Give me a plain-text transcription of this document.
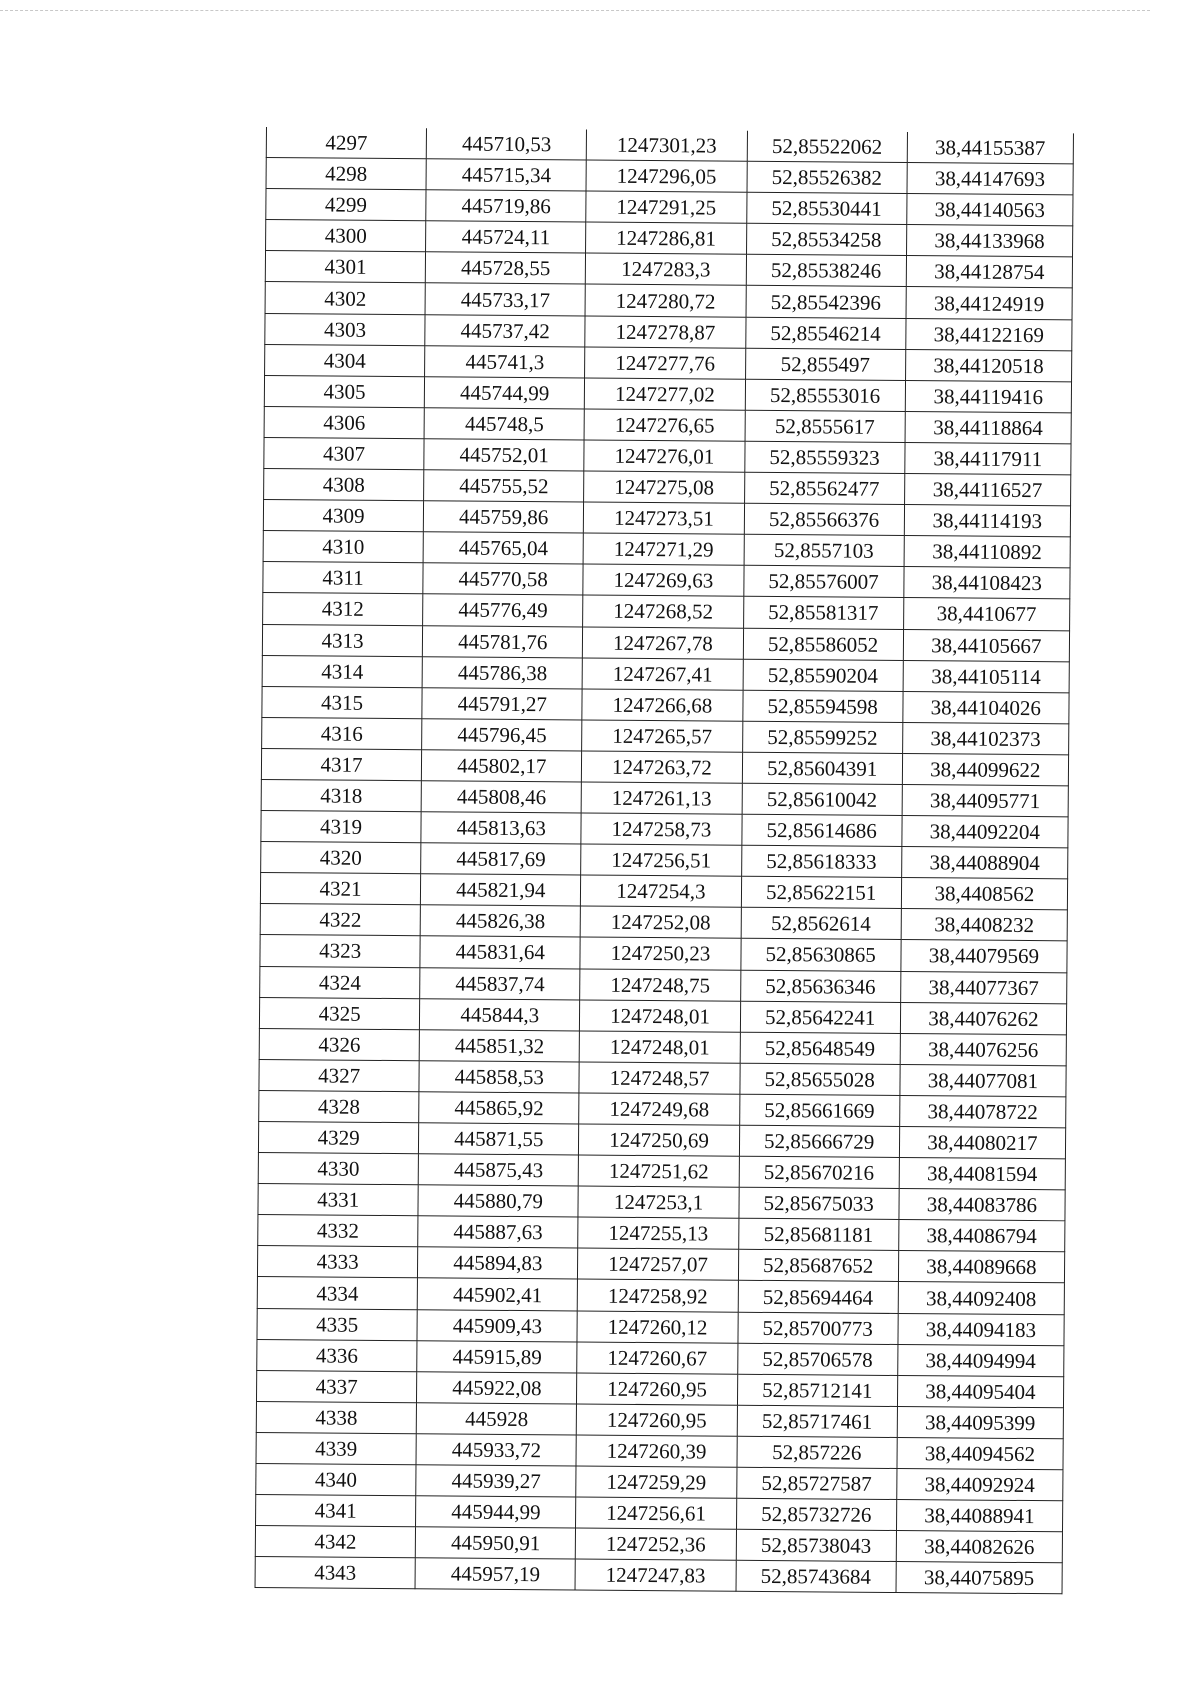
4297	445710,53	1247301,23	52,85522062	38,44155387
4298	445715,34	1247296,05	52,85526382	38,44147693
4299	445719,86	1247291,25	52,85530441	38,44140563
4300	445724,11	1247286,81	52,85534258	38,44133968
4301	445728,55	1247283,3	52,85538246	38,44128754
4302	445733,17	1247280,72	52,85542396	38,44124919
4303	445737,42	1247278,87	52,85546214	38,44122169
4304	445741,3	1247277,76	52,855497	38,44120518
4305	445744,99	1247277,02	52,85553016	38,44119416
4306	445748,5	1247276,65	52,8555617	38,44118864
4307	445752,01	1247276,01	52,85559323	38,44117911
4308	445755,52	1247275,08	52,85562477	38,44116527
4309	445759,86	1247273,51	52,85566376	38,44114193
4310	445765,04	1247271,29	52,8557103	38,44110892
4311	445770,58	1247269,63	52,85576007	38,44108423
4312	445776,49	1247268,52	52,85581317	38,4410677
4313	445781,76	1247267,78	52,85586052	38,44105667
4314	445786,38	1247267,41	52,85590204	38,44105114
4315	445791,27	1247266,68	52,85594598	38,44104026
4316	445796,45	1247265,57	52,85599252	38,44102373
4317	445802,17	1247263,72	52,85604391	38,44099622
4318	445808,46	1247261,13	52,85610042	38,44095771
4319	445813,63	1247258,73	52,85614686	38,44092204
4320	445817,69	1247256,51	52,85618333	38,44088904
4321	445821,94	1247254,3	52,85622151	38,4408562
4322	445826,38	1247252,08	52,8562614	38,4408232
4323	445831,64	1247250,23	52,85630865	38,44079569
4324	445837,74	1247248,75	52,85636346	38,44077367
4325	445844,3	1247248,01	52,85642241	38,44076262
4326	445851,32	1247248,01	52,85648549	38,44076256
4327	445858,53	1247248,57	52,85655028	38,44077081
4328	445865,92	1247249,68	52,85661669	38,44078722
4329	445871,55	1247250,69	52,85666729	38,44080217
4330	445875,43	1247251,62	52,85670216	38,44081594
4331	445880,79	1247253,1	52,85675033	38,44083786
4332	445887,63	1247255,13	52,85681181	38,44086794
4333	445894,83	1247257,07	52,85687652	38,44089668
4334	445902,41	1247258,92	52,85694464	38,44092408
4335	445909,43	1247260,12	52,85700773	38,44094183
4336	445915,89	1247260,67	52,85706578	38,44094994
4337	445922,08	1247260,95	52,85712141	38,44095404
4338	445928	1247260,95	52,85717461	38,44095399
4339	445933,72	1247260,39	52,857226	38,44094562
4340	445939,27	1247259,29	52,85727587	38,44092924
4341	445944,99	1247256,61	52,85732726	38,44088941
4342	445950,91	1247252,36	52,85738043	38,44082626
4343	445957,19	1247247,83	52,85743684	38,44075895
